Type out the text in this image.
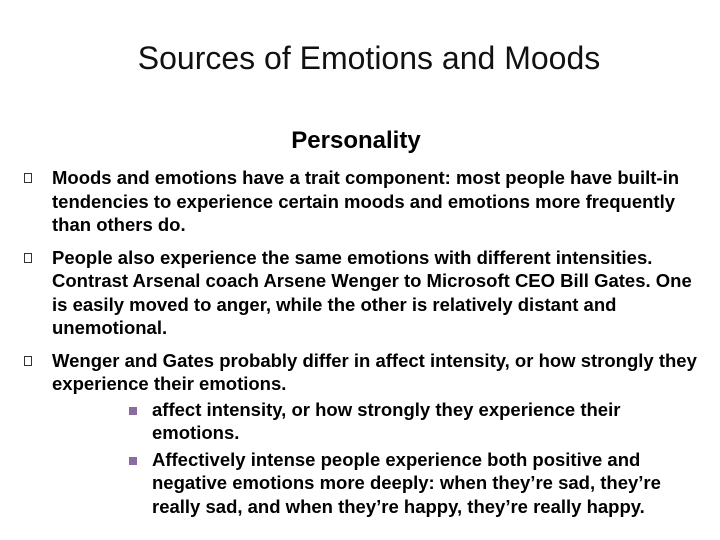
Sources of Emotions and Moods
Personality
Moods and emotions have a trait component: most people have built-in tendencies to experience certain moods and emotions more frequently than others do.
People also experience the same emotions with different intensities. Contrast Arsenal coach Arsene Wenger to Microsoft CEO Bill Gates. One is easily moved to anger, while the other is relatively distant and unemotional.
Wenger and Gates probably differ in affect intensity, or how strongly they experience their emotions.
affect intensity, or how strongly they experience their emotions.
Affectively intense people experience both positive and negative emotions more deeply: when they’re sad, they’re really sad, and when they’re happy, they’re really happy.
